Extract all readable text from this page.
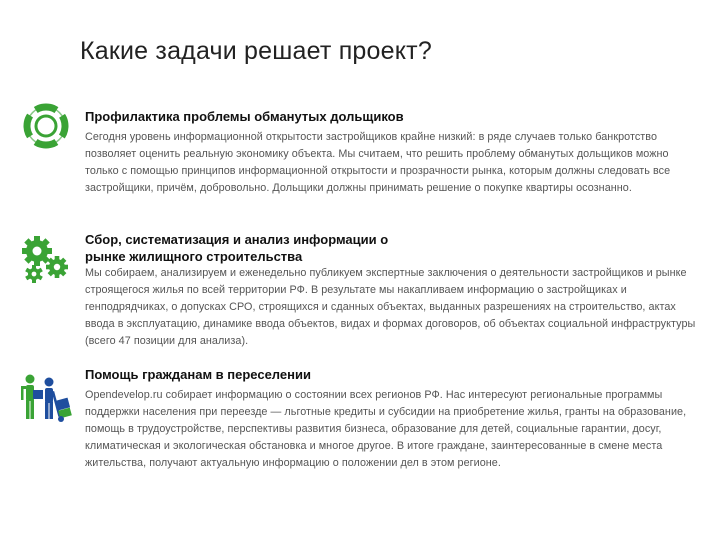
Какие задачи решает проект?

Профилактика проблемы обманутых дольщиков

Сегодня уровень информационной открытости застройщиков крайне низкий: в ряде случаев только банкротство позволяет оценить реальную экономику объекта. Мы считаем, что решить проблему обманутых дольщиков можно только с помощью принципов информационной открытости и прозрачности рынка, которым должны следовать все застройщики, причём, добровольно. Дольщики должны принимать решение о покупке квартиры осознанно.

Сбор, систематизация и анализ информации о рынке жилищного строительства

Мы собираем, анализируем и еженедельно публикуем экспертные заключения о деятельности застройщиков и рынке строящегося жилья по всей территории РФ. В результате мы накапливаем информацию о застройщиках и генподрядчиках, о допусках СРО, строящихся и сданных объектах, выданных разрешениях на строительство, актах ввода в эксплуатацию, динамике ввода объектов, видах и формах договоров, об объектах социальной инфраструктуры (всего 47 позиции для анализа).

Помощь гражданам в переселении

Opendevelop.ru собирает информацию о состоянии всех регионов РФ. Нас интересуют региональные программы поддержки населения при переезде — льготные кредиты и субсидии на приобретение жилья, гранты на образование, помощь в трудоустройстве, перспективы развития бизнеса, образование для детей, социальные гарантии, досуг, климатическая и экологическая обстановка и многое другое. В итоге граждане, заинтересованные в смене места жительства, получают актуальную информацию о положении дел в этом регионе.
